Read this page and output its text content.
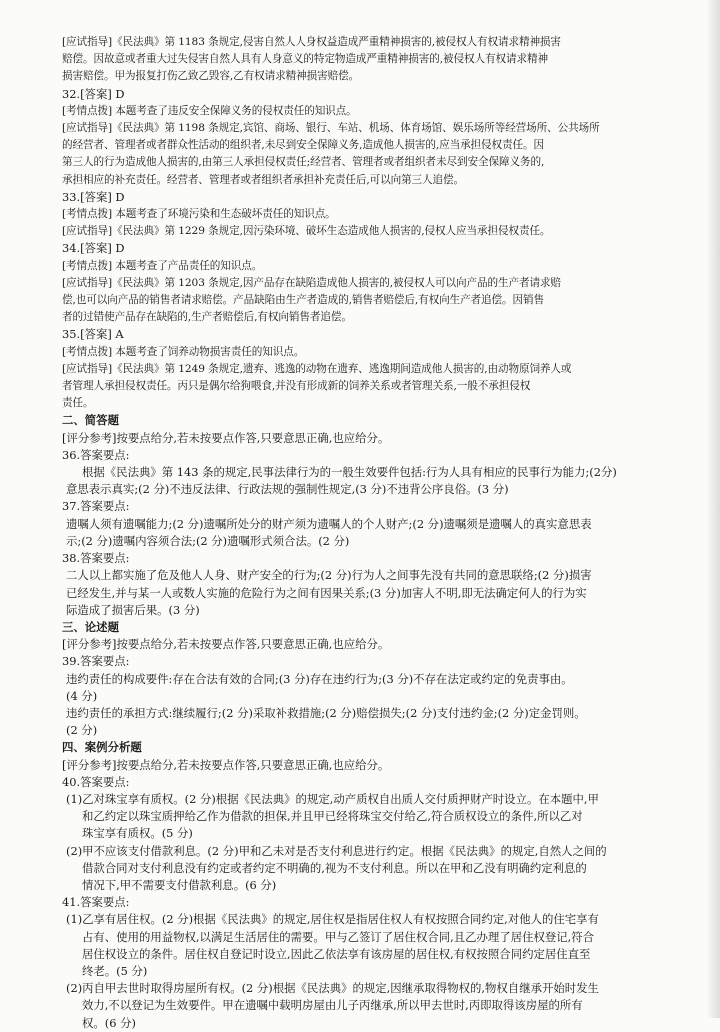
[应试指导]《民法典》第 1183 条规定,侵害自然人人身权益造成严重精神损害的,被侵权人有权请求精神损害
赔偿。因故意或者重大过失侵害自然人具有人身意义的特定物造成严重精神损害的,被侵权人有权请求精神
损害赔偿。甲为报复打伤乙致乙毁容,乙有权请求精神损害赔偿。
32.[答案] D
[考情点拨] 本题考查了违反安全保障义务的侵权责任的知识点。
[应试指导]《民法典》第 1198 条规定,宾馆、商场、银行、车站、机场、体育场馆、娱乐场所等经营场所、公共场所
的经营者、管理者或者群众性活动的组织者,未尽到安全保障义务,造成他人损害的,应当承担侵权责任。因
第三人的行为造成他人损害的,由第三人承担侵权责任;经营者、管理者或者组织者未尽到安全保障义务的,
承担相应的补充责任。经营者、管理者或者组织者承担补充责任后,可以向第三人追偿。
33.[答案] D
[考情点拨] 本题考查了环境污染和生态破坏责任的知识点。
[应试指导]《民法典》第 1229 条规定,因污染环境、破坏生态造成他人损害的,侵权人应当承担侵权责任。
34.[答案] D
[考情点拨] 本题考查了产品责任的知识点。
[应试指导]《民法典》第 1203 条规定,因产品存在缺陷造成他人损害的,被侵权人可以向产品的生产者请求赔
偿,也可以向产品的销售者请求赔偿。产品缺陷由生产者造成的,销售者赔偿后,有权向生产者追偿。因销售
者的过错使产品存在缺陷的,生产者赔偿后,有权向销售者追偿。
35.[答案] A
[考情点拨] 本题考查了饲养动物损害责任的知识点。
[应试指导]《民法典》第 1249 条规定,遗弃、逃逸的动物在遗弃、逃逸期间造成他人损害的,由动物原饲养人或
者管理人承担侵权责任。丙只是偶尔给狗喂食,并没有形成新的饲养关系或者管理关系,一般不承担侵权
责任。
二、简答题
[评分参考]按要点给分,若未按要点作答,只要意思正确,也应给分。
36.答案要点:
根据《民法典》第 143 条的规定,民事法律行为的一般生效要件包括:行为人具有相应的民事行为能力;(2分)
意思表示真实;(2 分)不违反法律、行政法规的强制性规定,(3 分)不违背公序良俗。(3 分)
37.答案要点:
遗嘱人须有遗嘱能力;(2 分)遗嘱所处分的财产须为遗嘱人的个人财产;(2 分)遗嘱须是遗嘱人的真实意思表
示;(2 分)遗嘱内容须合法;(2 分)遗嘱形式须合法。(2 分)
38.答案要点:
二人以上都实施了危及他人人身、财产安全的行为;(2 分)行为人之间事先没有共同的意思联络;(2 分)损害
已经发生,并与某一人或数人实施的危险行为之间有因果关系;(3 分)加害人不明,即无法确定何人的行为实
际造成了损害后果。(3 分)
三、论述题
[评分参考]按要点给分,若未按要点作答,只要意思正确,也应给分。
39.答案要点:
违约责任的构成要件:存在合法有效的合同;(3 分)存在违约行为;(3 分)不存在法定或约定的免责事由。
(4 分)
违约责任的承担方式:继续履行;(2 分)采取补救措施;(2 分)赔偿损失;(2 分)支付违约金;(2 分)定金罚则。
(2 分)
四、案例分析题
[评分参考]按要点给分,若未按要点作答,只要意思正确,也应给分。
40.答案要点:
(1)乙对珠宝享有质权。(2 分)根据《民法典》的规定,动产质权自出质人交付质押财产时设立。在本题中,甲
和乙约定以珠宝质押给乙作为借款的担保,并且甲已经将珠宝交付给乙,符合质权设立的条件,所以乙对
珠宝享有质权。(5 分)
(2)甲不应该支付借款利息。(2 分)甲和乙未对是否支付利息进行约定。根据《民法典》的规定,自然人之间的
借款合同对支付利息没有约定或者约定不明确的,视为不支付利息。所以在甲和乙没有明确约定利息的
情况下,甲不需要支付借款利息。(6 分)
41.答案要点:
(1)乙享有居住权。(2 分)根据《民法典》的规定,居住权是指居住权人有权按照合同约定,对他人的住宅享有
占有、使用的用益物权,以满足生活居住的需要。甲与乙签订了居住权合同,且乙办理了居住权登记,符合
居住权设立的条件。居住权自登记时设立,因此乙依法享有该房屋的居住权,有权按照合同约定居住直至
终老。(5 分)
(2)丙自甲去世时取得房屋所有权。(2 分)根据《民法典》的规定,因继承取得物权的,物权自继承开始时发生
效力,不以登记为生效要件。甲在遗嘱中载明房屋由儿子丙继承,所以甲去世时,丙即取得该房屋的所有
权。(6 分)
